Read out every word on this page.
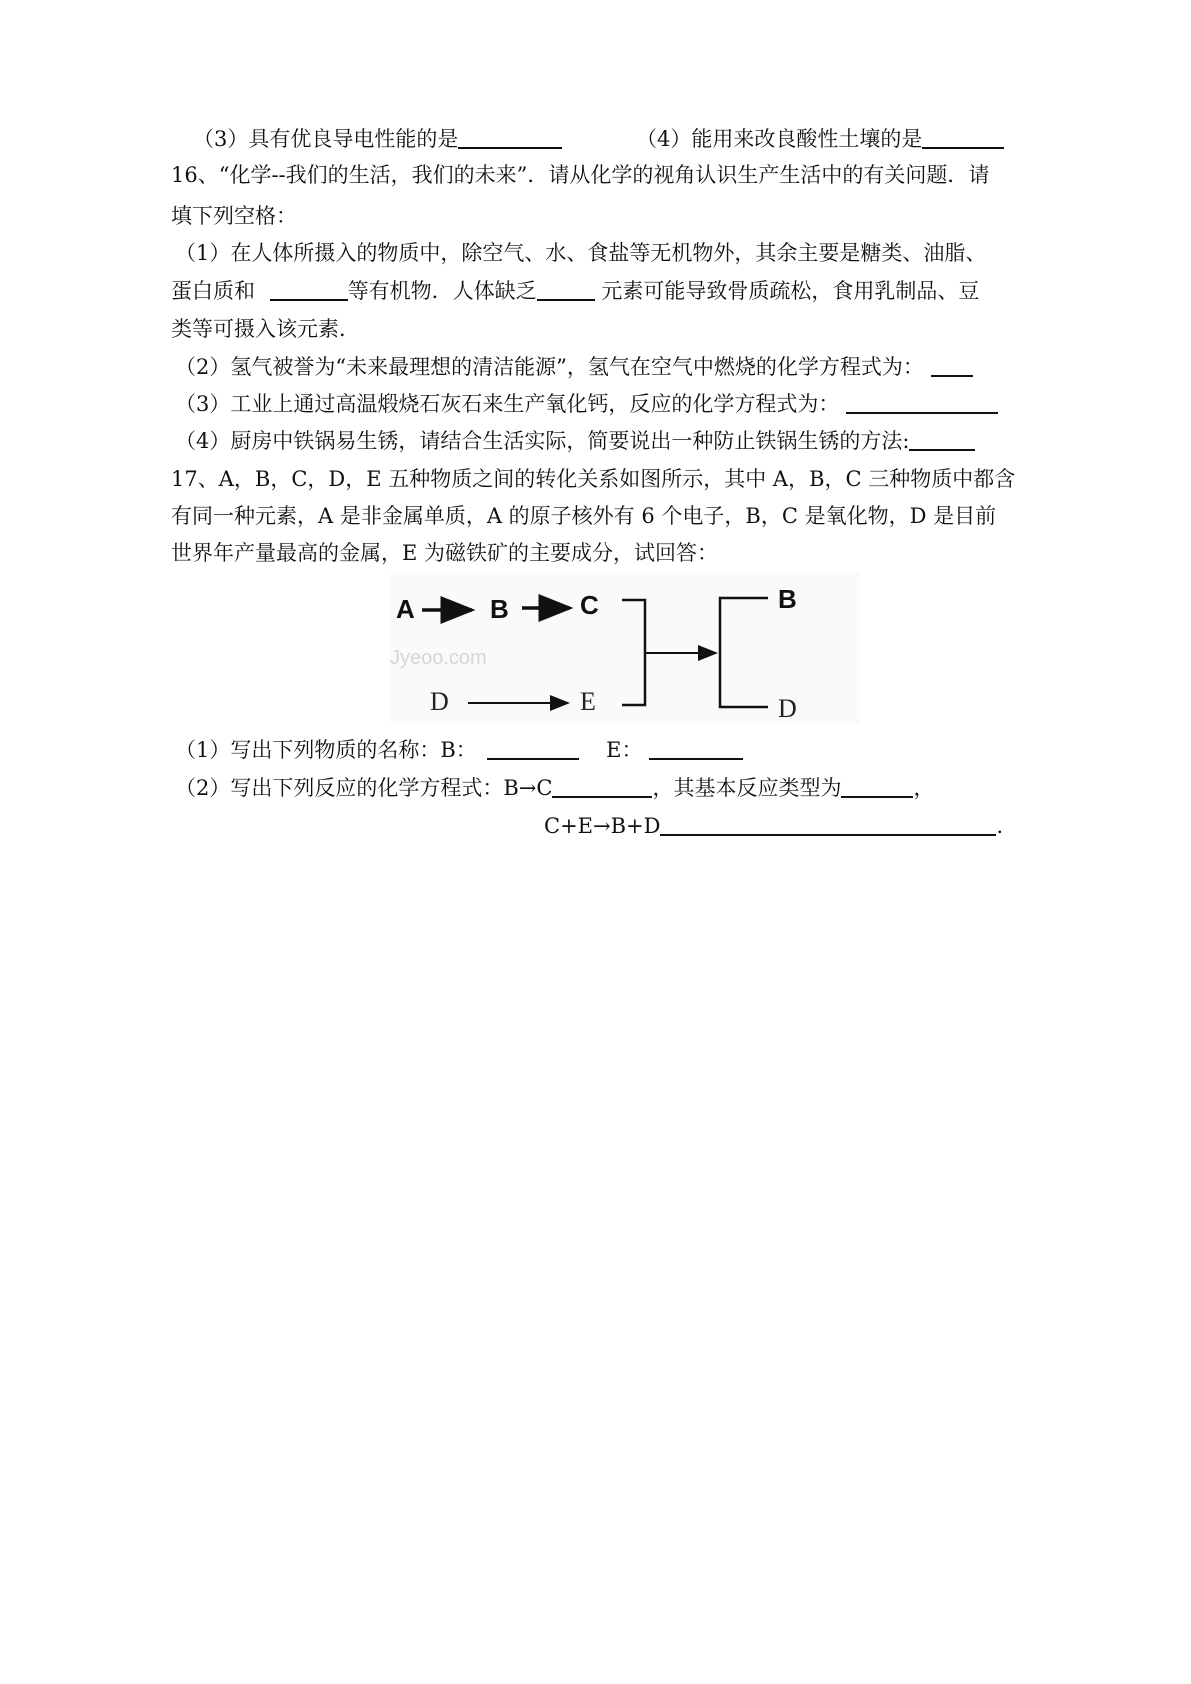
（3）具有优良导电性能的是	（4）能用来改良酸性土壤的是
16、“化学--我们的生活，我们的未来”．请从化学的视角认识生产生活中的有关问题．请
填下列空格：
（1）在人体所摄入的物质中，除空气、水、食盐等无机物外，其余主要是糖类、油脂、
蛋白质和	等有机物．人体缺乏	元素可能导致骨质疏松，食用乳制品、豆
类等可摄入该元素．
（2）氢气被誉为“未来最理想的清洁能源”，氢气在空气中燃烧的化学方程式为：
（3）工业上通过高温煅烧石灰石来生产氧化钙，反应的化学方程式为：
（4）厨房中铁锅易生锈，请结合生活实际，简要说出一种防止铁锅生锈的方法:
17、A，B，C，D，E 五种物质之间的转化关系如图所示，其中 A，B，C 三种物质中都含
有同一种元素，A 是非金属单质，A 的原子核外有 6 个电子，B，C 是氧化物，D 是目前
世界年产量最高的金属，E 为磁铁矿的主要成分，试回答：
Jyeoo.com
A	B	C
D	E
B
D
（1）写出下列物质的名称：B：	E：
（2）写出下列反应的化学方程式：B→C	，其基本反应类型为	，
C+E→B+D	．
